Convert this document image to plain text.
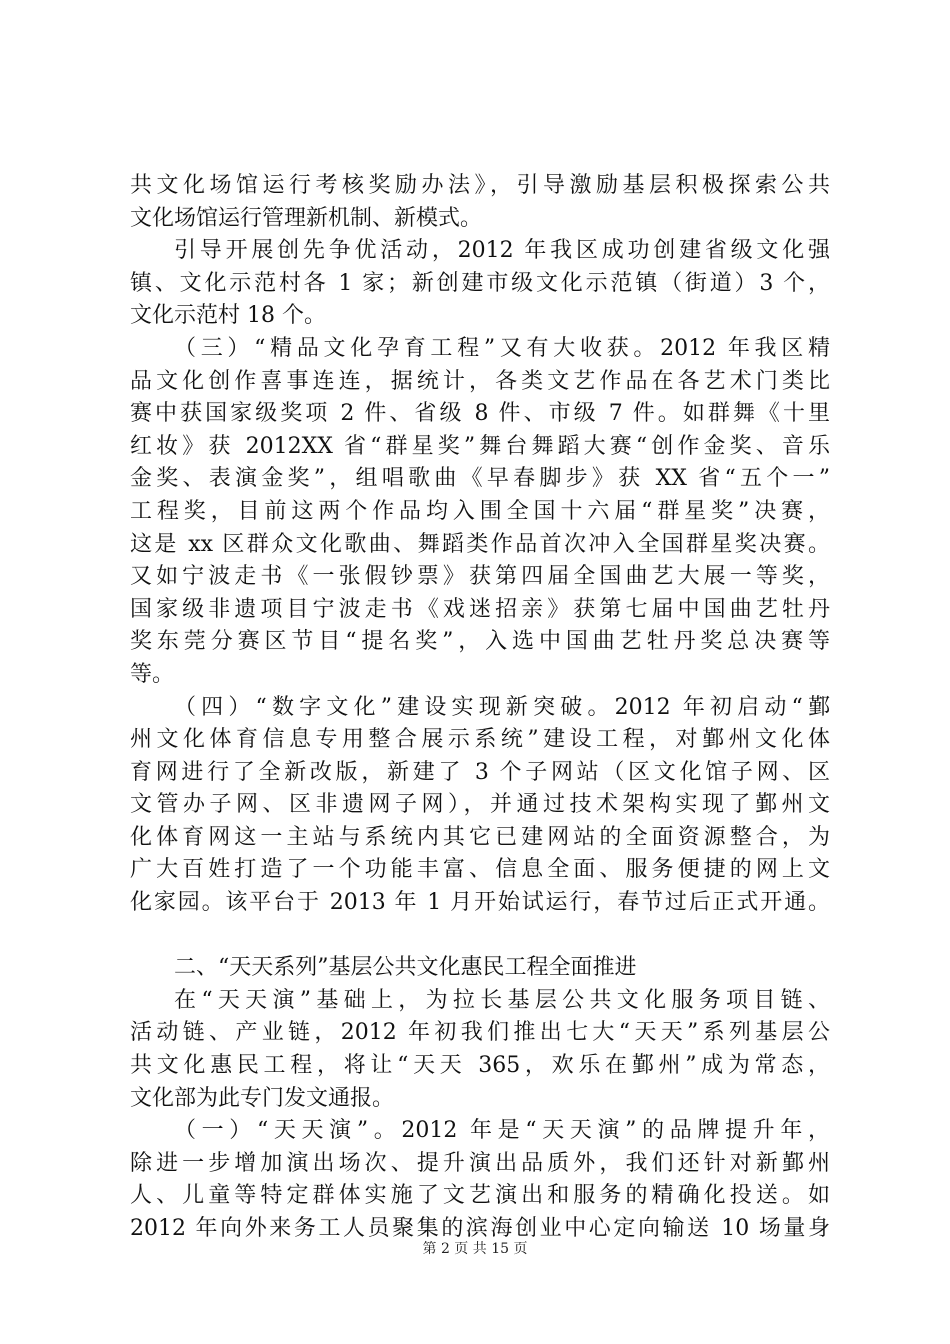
共文化场馆运行考核奖励办法》，引导激励基层积极探索公共
文化场馆运行管理新机制、新模式。
引导开展创先争优活动，2012 年我区成功创建省级文化强
镇、文化示范村各 1 家；新创建市级文化示范镇（街道）3 个，
文化示范村 18 个。
（三）“精品文化孕育工程”又有大收获。2012 年我区精
品文化创作喜事连连，据统计，各类文艺作品在各艺术门类比
赛中获国家级奖项 2 件、省级 8 件、市级 7 件。如群舞《十里
红妆》获 2012XX 省“群星奖”舞台舞蹈大赛“创作金奖、音乐
金奖、表演金奖”，组唱歌曲《早春脚步》获 XX 省“五个一”
工程奖，目前这两个作品均入围全国十六届“群星奖”决赛，
这是 xx 区群众文化歌曲、舞蹈类作品首次冲入全国群星奖决赛。
又如宁波走书《一张假钞票》获第四届全国曲艺大展一等奖，
国家级非遗项目宁波走书《戏迷招亲》获第七届中国曲艺牡丹
奖东莞分赛区节目“提名奖”，入选中国曲艺牡丹奖总决赛等
等。
（四）“数字文化”建设实现新突破。2012 年初启动“鄞
州文化体育信息专用整合展示系统”建设工程，对鄞州文化体
育网进行了全新改版，新建了 3 个子网站（区文化馆子网、区
文管办子网、区非遗网子网），并通过技术架构实现了鄞州文
化体育网这一主站与系统内其它已建网站的全面资源整合，为
广大百姓打造了一个功能丰富、信息全面、服务便捷的网上文
化家园。该平台于 2013 年 1 月开始试运行，春节过后正式开通。
二、“天天系列”基层公共文化惠民工程全面推进
在“天天演”基础上，为拉长基层公共文化服务项目链、
活动链、产业链，2012 年初我们推出七大“天天”系列基层公
共文化惠民工程，将让“天天 365，欢乐在鄞州”成为常态，
文化部为此专门发文通报。
（一）“天天演”。2012 年是“天天演”的品牌提升年，
除进一步增加演出场次、提升演出品质外，我们还针对新鄞州
人、儿童等特定群体实施了文艺演出和服务的精确化投送。如
2012 年向外来务工人员聚集的滨海创业中心定向输送 10 场量身
第 2 页 共 15 页
